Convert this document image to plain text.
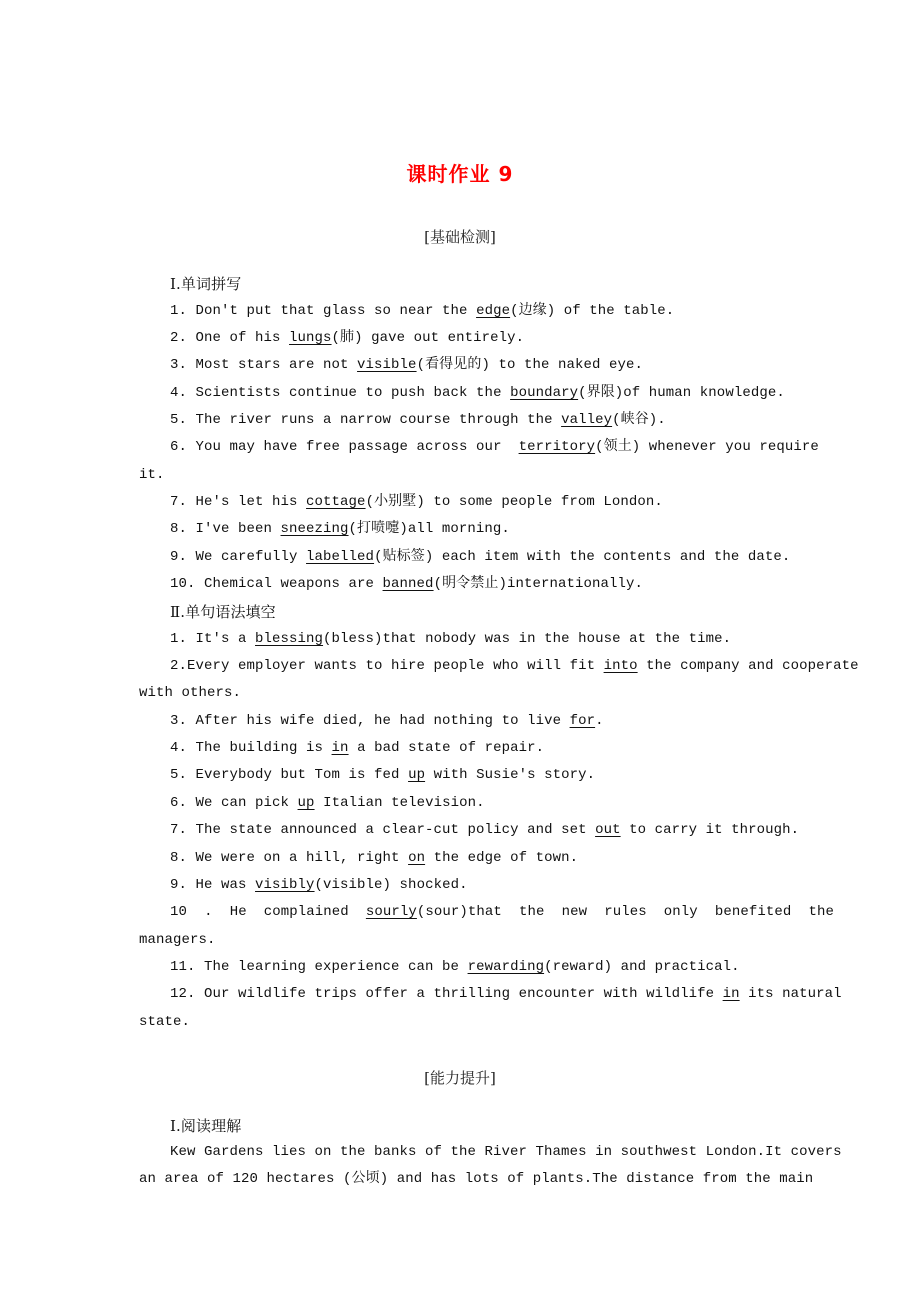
课时作业 9
[基础检测]
Ⅰ.单词拼写
1. Don't put that glass so near the edge(边缘) of the table.
2. One of his lungs(肺) gave out entirely.
3. Most stars are not visible(看得见的) to the naked eye.
4. Scientists continue to push back the boundary(界限)of human knowledge.
5. The river runs a narrow course through the valley(峡谷).
6. You may have free passage across our  territory(领土) whenever you require
it.
7. He's let his cottage(小别墅) to some people from London.
8. I've been sneezing(打喷嚏)all morning.
9. We carefully labelled(贴标签) each item with the contents and the date.
10. Chemical weapons are banned(明令禁止)internationally.
Ⅱ.单句语法填空
1. It's a blessing(bless)that nobody was in the house at the time.
2.Every employer wants to hire people who will fit into the company and cooperate
with others.
3. After his wife died, he had nothing to live for.
4. The building is in a bad state of repair.
5. Everybody but Tom is fed up with Susie's story.
6. We can pick up Italian television.
7. The state announced a clear-cut policy and set out to carry it through.
8. We were on a hill, right on the edge of town.
9. He was visibly(visible) shocked.
10 . He complained sourly(sour)that the new rules only benefited the
managers.
11. The learning experience can be rewarding(reward) and practical.
12. Our wildlife trips offer a thrilling encounter with wildlife in its natural
state.
[能力提升]
Ⅰ.阅读理解
Kew Gardens lies on the banks of the River Thames in southwest London.It covers
an area of 120 hectares (公顷) and has lots of plants.The distance from the main
